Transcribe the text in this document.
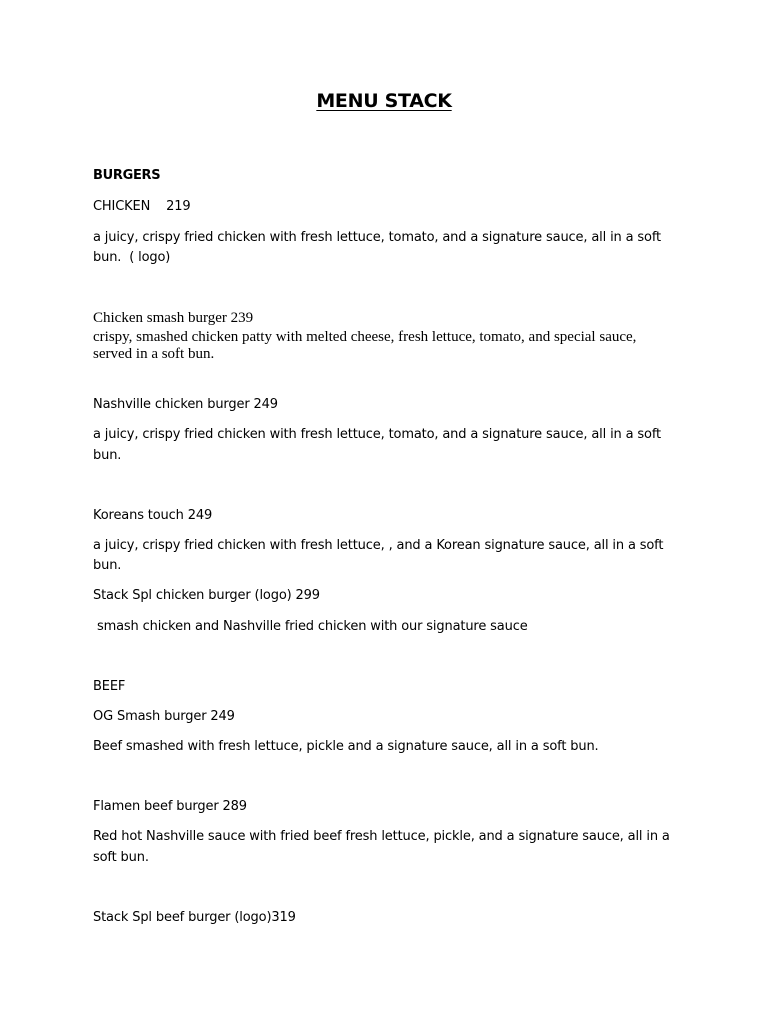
MENU STACK
BURGERS
CHICKEN    219
a juicy, crispy fried chicken with fresh lettuce, tomato, and a signature sauce, all in a soft
bun.  ( logo)
Chicken smash burger 239
crispy, smashed chicken patty with melted cheese, fresh lettuce, tomato, and special sauce,
served in a soft bun.
Nashville chicken burger 249
a juicy, crispy fried chicken with fresh lettuce, tomato, and a signature sauce, all in a soft
bun.
Koreans touch 249
a juicy, crispy fried chicken with fresh lettuce, , and a Korean signature sauce, all in a soft
bun.
Stack Spl chicken burger (logo) 299
smash chicken and Nashville fried chicken with our signature sauce
BEEF
OG Smash burger 249
Beef smashed with fresh lettuce, pickle and a signature sauce, all in a soft bun.
Flamen beef burger 289
Red hot Nashville sauce with fried beef fresh lettuce, pickle, and a signature sauce, all in a
soft bun.
Stack Spl beef burger (logo)319
